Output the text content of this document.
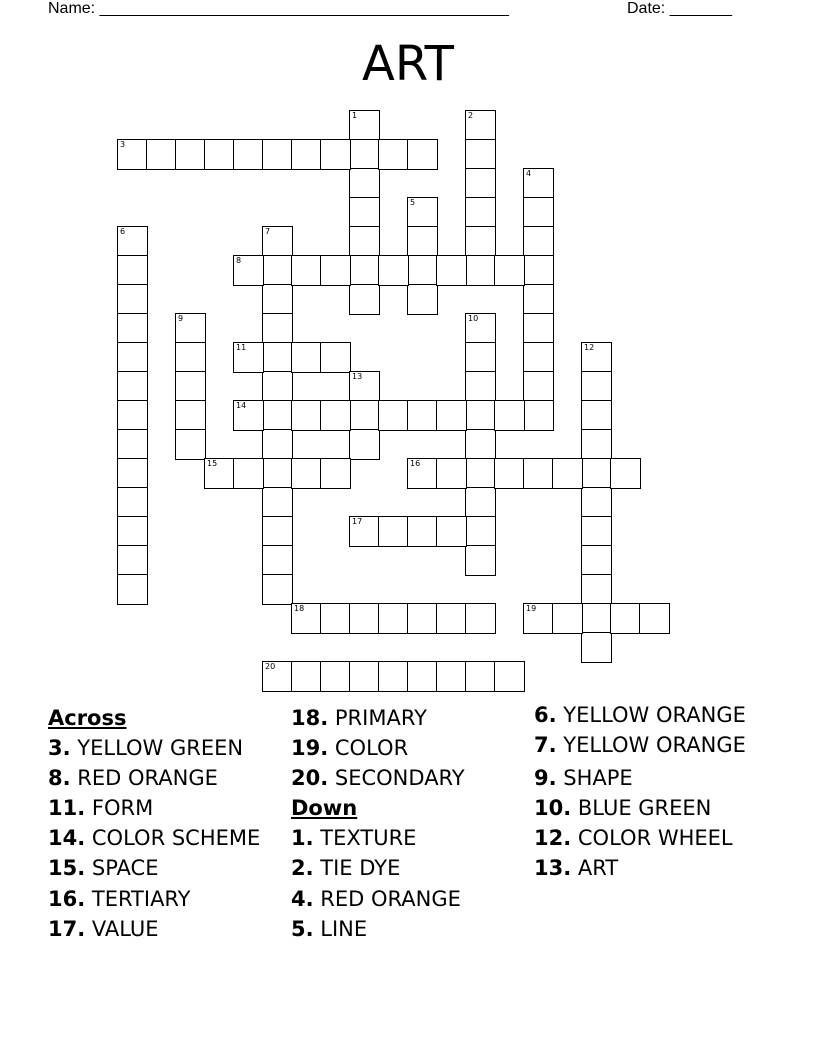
Name: ______________________________________________	Date: _______
ART
1	2
3
4
5
6	7
8
9	10
11	12
13
14
15	16
17
18	19
20
Across
3. YELLOW GREEN
8. RED ORANGE
11. FORM
14. COLOR SCHEME
15. SPACE
16. TERTIARY
17. VALUE
18. PRIMARY
19. COLOR
20. SECONDARY
Down
1. TEXTURE
2. TIE DYE
4. RED ORANGE
5. LINE
6. YELLOW ORANGE
7. YELLOW ORANGE
9. SHAPE
10. BLUE GREEN
12. COLOR WHEEL
13. ART
